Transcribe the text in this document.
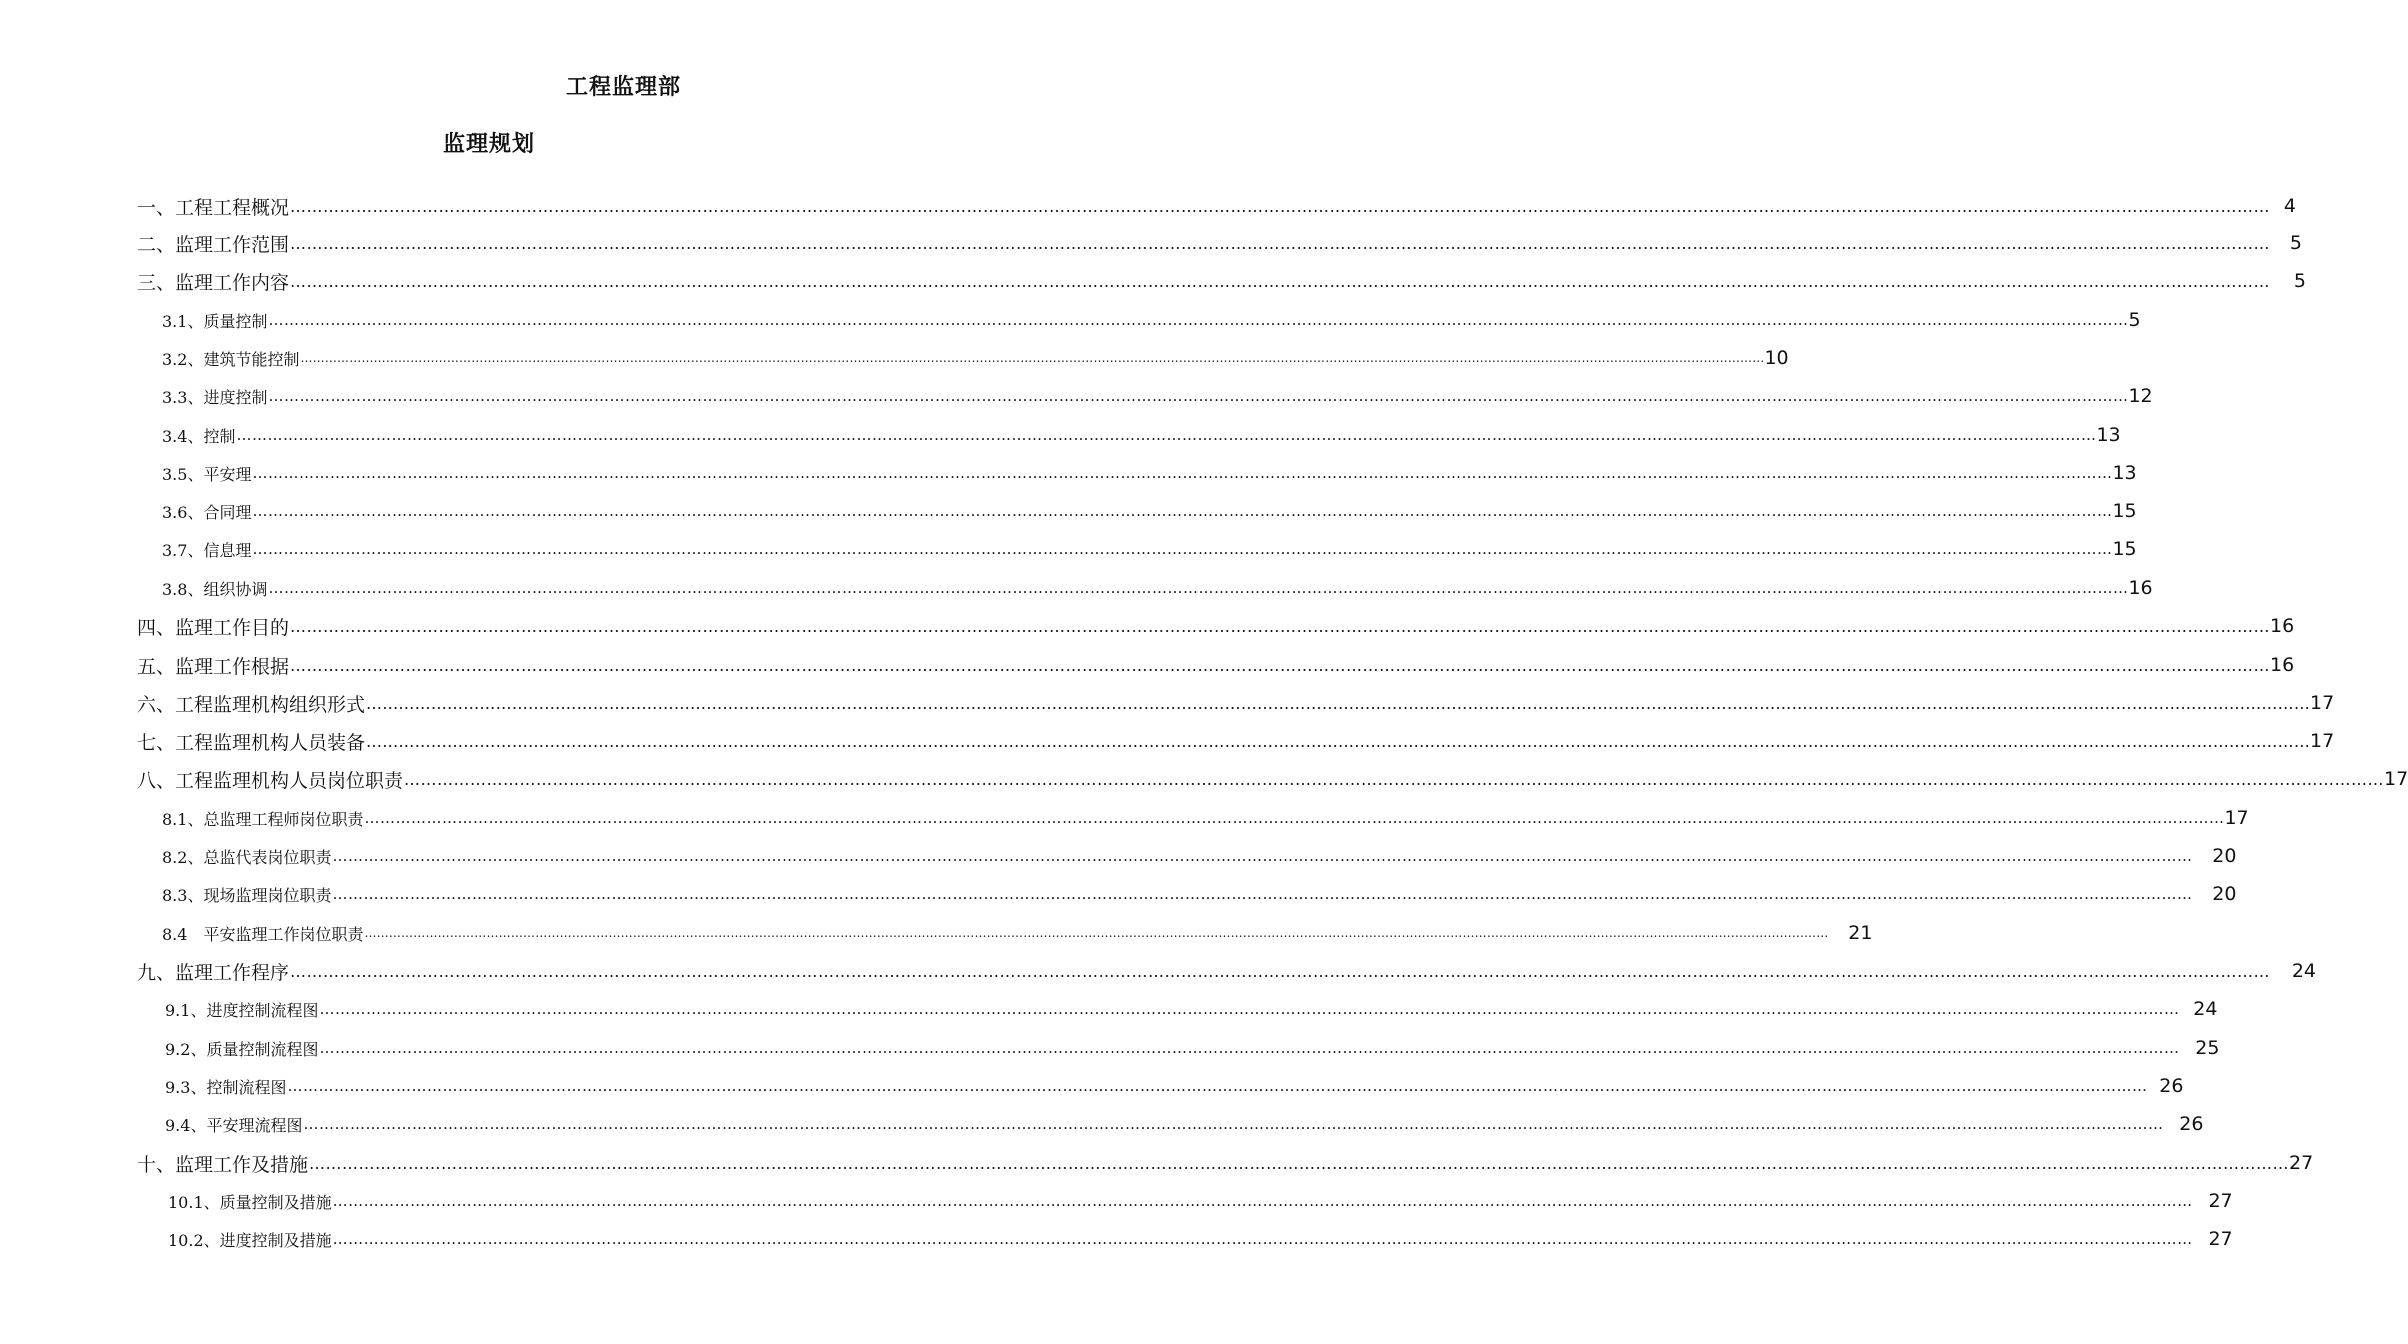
工程监理部
监理规划
一、工程工程概况 ……………………………………………………………………………………………………………………………………………………………………………………………………………………………………………………………………………………………………………………………… 4
二、监理工作范围 ………………………………………………………………………………………………………………………………………………………………………………………………………………………………………………………………………………………………………………………………	5
三、监理工作内容 ………………………………………………………………………………………………………………………………………………………………………………………………………………………………………………………………………………………………………………………………	5
3.1、质量控制 ……………………………………………………………………………………………………………………………………………………………………………………………………………………………………………………………………………………………………………………………… 5
3.2、建筑节能控制 ……………………………………………………………………………………………………………………………………………………………………………………………………………………………………………………………………………………………………………………………… 10
3.3、进度控制 ……………………………………………………………………………………………………………………………………………………………………………………………………………………………………………………………………………………………………………………………… 12
3.4、控制 ……………………………………………………………………………………………………………………………………………………………………………………………………………………………………………………………………………………………………………………………… 13
3.5、平安理 ……………………………………………………………………………………………………………………………………………………………………………………………………………………………………………………………………………………………………………………………… 13
3.6、合同理 ……………………………………………………………………………………………………………………………………………………………………………………………………………………………………………………………………………………………………………………………… 15
3.7、信息理 ……………………………………………………………………………………………………………………………………………………………………………………………………………………………………………………………………………………………………………………………… 15
3.8、组织协调 ……………………………………………………………………………………………………………………………………………………………………………………………………………………………………………………………………………………………………………………………… 16
四、监理工作目的 ……………………………………………………………………………………………………………………………………………………………………………………………………………………………………………………………………………………………………………………………… 16
五、监理工作根据 ……………………………………………………………………………………………………………………………………………………………………………………………………………………………………………………………………………………………………………………………… 16
六、工程监理机构组织形式 ……………………………………………………………………………………………………………………………………………………………………………………………………………………………………………………………………………………………………………………………… 17
七、工程监理机构人员装备 ……………………………………………………………………………………………………………………………………………………………………………………………………………………………………………………………………………………………………………………………… 17
八、工程监理机构人员岗位职责 ……………………………………………………………………………………………………………………………………………………………………………………………………………………………………………………………………………………………………………………………… 17
8.1、总监理工程师岗位职责 ……………………………………………………………………………………………………………………………………………………………………………………………………………………………………………………………………………………………………………………………… 17
8.2、总监代表岗位职责 ………………………………………………………………………………………………………………………………………………………………………………………………………………………………………………………………………………………………………………………………	20
8.3、现场监理岗位职责 ………………………………………………………………………………………………………………………………………………………………………………………………………………………………………………………………………………………………………………………………	20
8.4　平安监理工作岗位职责 ………………………………………………………………………………………………………………………………………………………………………………………………………………………………………………………………………………………………………………………………	21
九、监理工作程序 ………………………………………………………………………………………………………………………………………………………………………………………………………………………………………………………………………………………………………………………………	24
9.1、进度控制流程图 ……………………………………………………………………………………………………………………………………………………………………………………………………………………………………………………………………………………………………………………………… 24
9.2、质量控制流程图 ……………………………………………………………………………………………………………………………………………………………………………………………………………………………………………………………………………………………………………………………… 25
9.3、控制流程图 ……………………………………………………………………………………………………………………………………………………………………………………………………………………………………………………………………………………………………………………………… 26
9.4、平安理流程图 ……………………………………………………………………………………………………………………………………………………………………………………………………………………………………………………………………………………………………………………………… 26
十、监理工作及措施 ……………………………………………………………………………………………………………………………………………………………………………………………………………………………………………………………………………………………………………………………… 27
10.1、质量控制及措施 ……………………………………………………………………………………………………………………………………………………………………………………………………………………………………………………………………………………………………………………………… 27
10.2、进度控制及措施 ……………………………………………………………………………………………………………………………………………………………………………………………………………………………………………………………………………………………………………………………… 27
